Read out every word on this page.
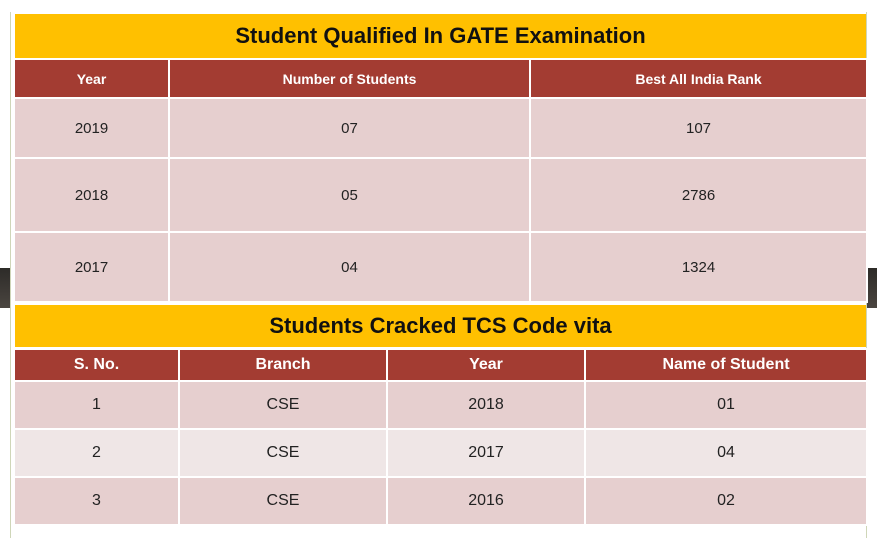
Student Qualified In GATE Examination
Year	Number of Students	Best All India Rank
2019	07	107
2018	05	2786
2017	04	1324
Students Cracked TCS Code vita
S. No.	Branch	Year	Name of Student
1	CSE	2018	01
2	CSE	2017	04
3	CSE	2016	02
